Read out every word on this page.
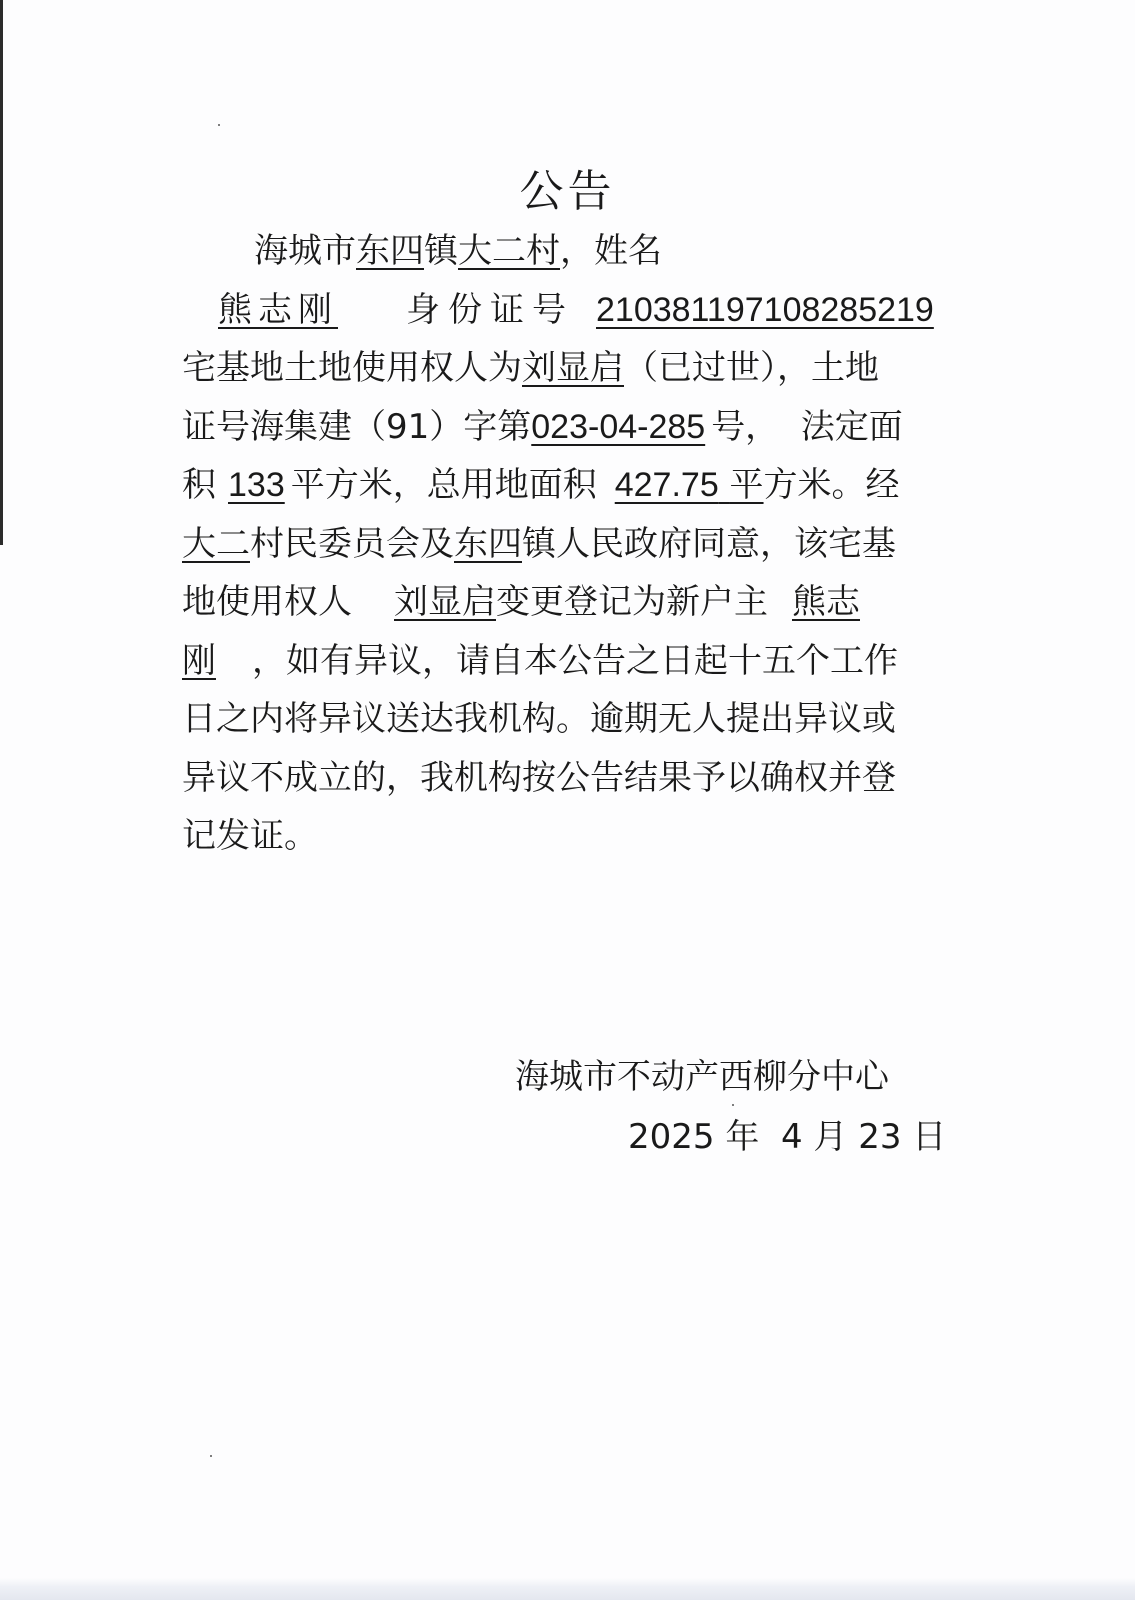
公告
海城市东四镇大二村，姓名
熊志刚 身份证号 210381197108285219
宅基地土地使用权人为刘显启（已过世），土地
证号海集建（91）字第023-04-285 号，  法定面
积 133 平方米，总用地面积 427.75 平方米。经
大二村民委员会及东四镇人民政府同意，该宅基
地使用权人 刘显启变更登记为新户主 熊志
刚 ，如有异议，请自本公告之日起十五个工作
日之内将异议送达我机构。逾期无人提出异议或
异议不成立的，我机构按公告结果予以确权并登
记发证。
海城市不动产西柳分中心
2025 年  4 月 23 日
